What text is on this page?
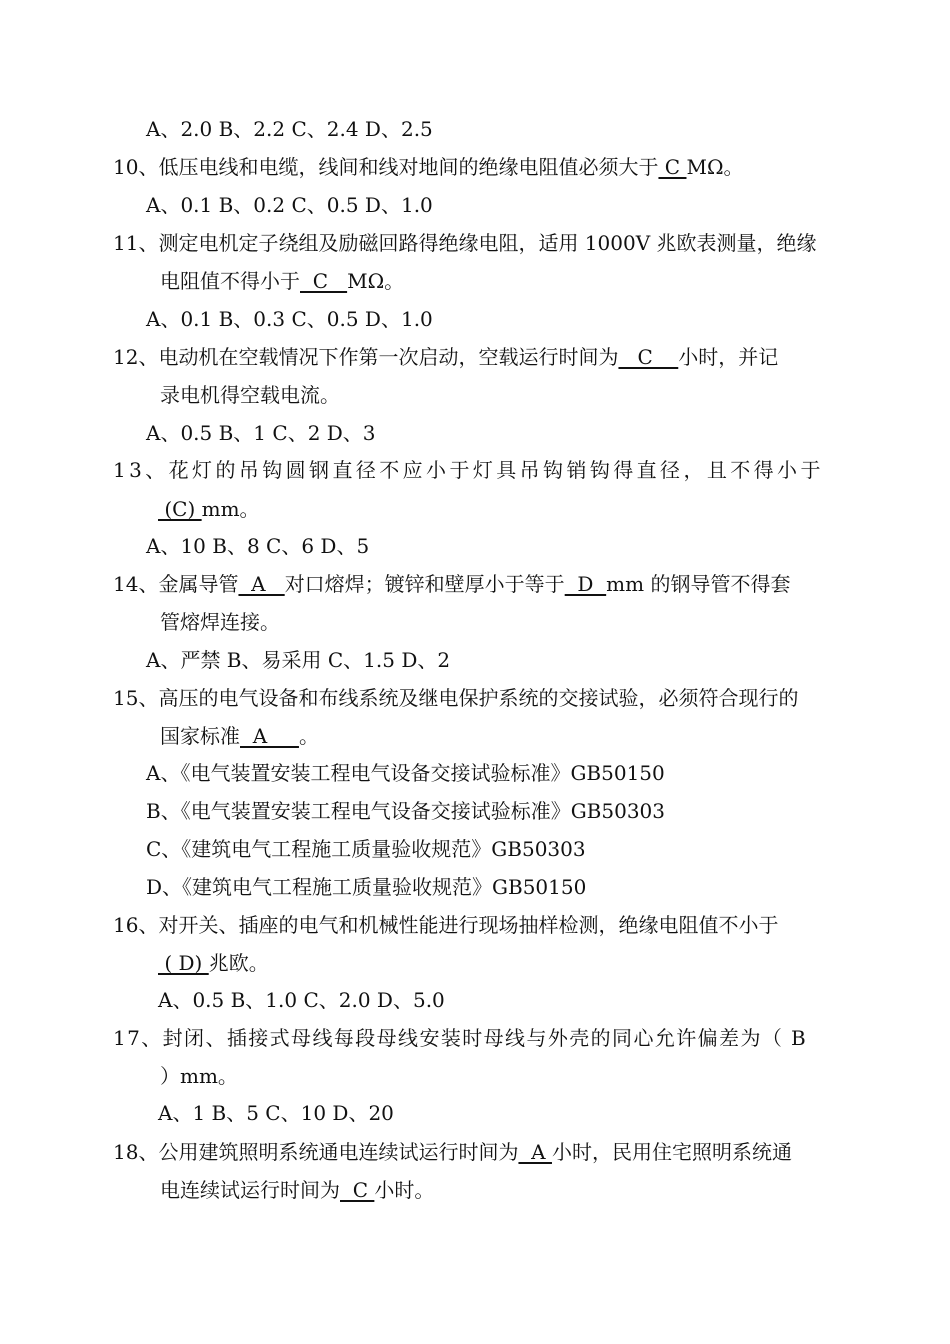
A、2.0 B、2.2 C、2.4 D、2.5
10、低压电线和电缆，线间和线对地间的绝缘电阻值必须大于 C MΩ。
A、0.1 B、0.2 C、0.5 D、1.0
11、测定电机定子绕组及励磁回路得绝缘电阻，适用 1000V 兆欧表测量，绝缘
电阻值不得小于  C   MΩ。
A、0.1 B、0.3 C、0.5 D、1.0
12、电动机在空载情况下作第一次启动，空载运行时间为   C    小时，并记
录电机得空载电流。
A、0.5 B、1 C、2 D、3
13、花灯的吊钩圆钢直径不应小于灯具吊钩销钩得直径，且不得小于
(C) mm。
A、10 B、8 C、6 D、5
14、金属导管  A   对口熔焊；镀锌和壁厚小于等于  D  mm 的钢导管不得套
管熔焊连接。
A、严禁 B、易采用 C、1.5 D、2
15、高压的电气设备和布线系统及继电保护系统的交接试验，必须符合现行的
国家标准  A     。
A、《电气装置安装工程电气设备交接试验标准》GB50150
B、《电气装置安装工程电气设备交接试验标准》GB50303
C、《建筑电气工程施工质量验收规范》GB50303
D、《建筑电气工程施工质量验收规范》GB50150
16、对开关、插座的电气和机械性能进行现场抽样检测，绝缘电阻值不小于
( D) 兆欧。
A、0.5 B、1.0 C、2.0 D、5.0
17、封闭、插接式母线每段母线安装时母线与外壳的同心允许偏差为（ B
）mm。
A、1 B、5 C、10 D、20
18、公用建筑照明系统通电连续试运行时间为  A 小时，民用住宅照明系统通
电连续试运行时间为  C 小时。
